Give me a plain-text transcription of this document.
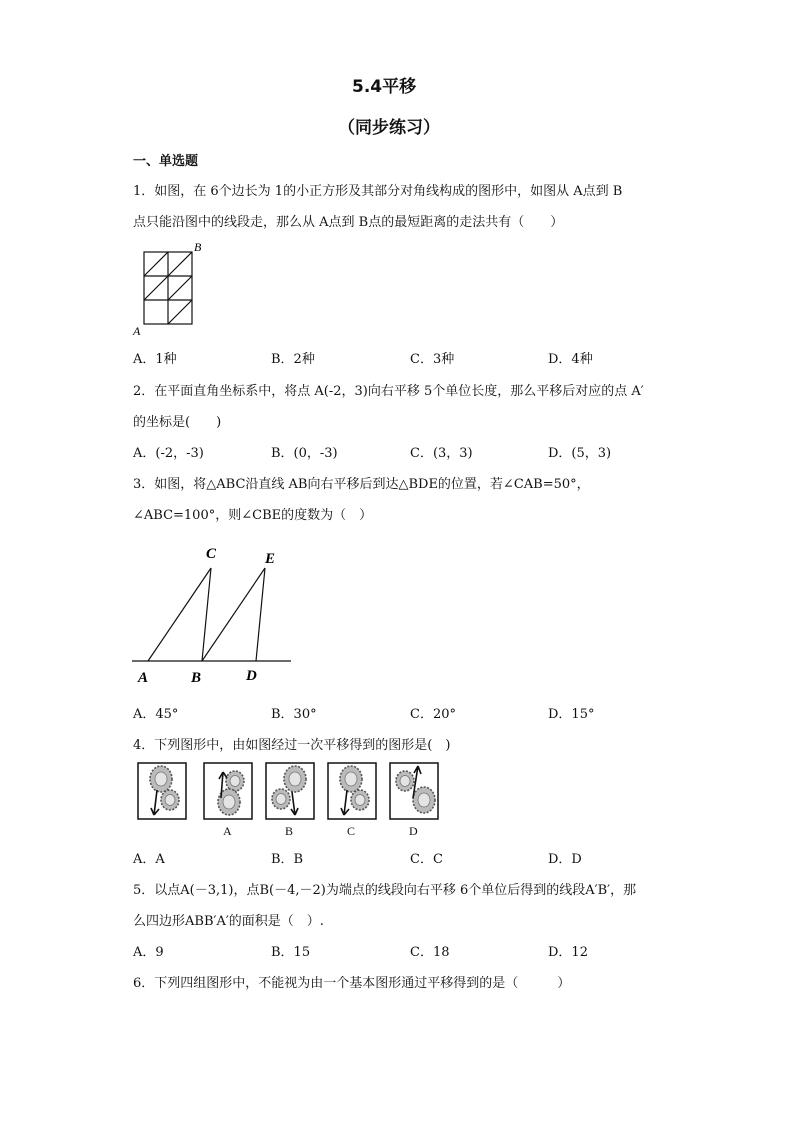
5.4平移
（同步练习）
一、单选题
1．如图，在 6个边长为 1的小正方形及其部分对角线构成的图形中，如图从 A点到 B
点只能沿图中的线段走，那么从 A点到 B点的最短距离的走法共有（　　）
B
A
A．1种	B．2种	C．3种	D．4种
2．在平面直角坐标系中，将点 A(-2，3)向右平移 5个单位长度，那么平移后对应的点 A′
的坐标是(　　)
A．(-2，-3)	B．(0，-3)	C．(3，3)	D．(5，3)
3．如图，将△ABC沿直线 AB向右平移后到达△BDE的位置，若∠CAB=50°，
∠ABC=100°，则∠CBE的度数为（　）
C	E
A	B	D
A．45°	B．30°	C．20°	D．15°
4．下列图形中，由如图经过一次平移得到的图形是(　)
A	B	C	D
A．A	B．B	C．C	D．D
5．以点A(－3,1)，点B(－4,－2)为端点的线段向右平移 6个单位后得到的线段A′B′，那
么四边形ABB′A′的面积是（　）.
A．9	B．15	C．18	D．12
6．下列四组图形中，不能视为由一个基本图形通过平移得到的是（　　　）
